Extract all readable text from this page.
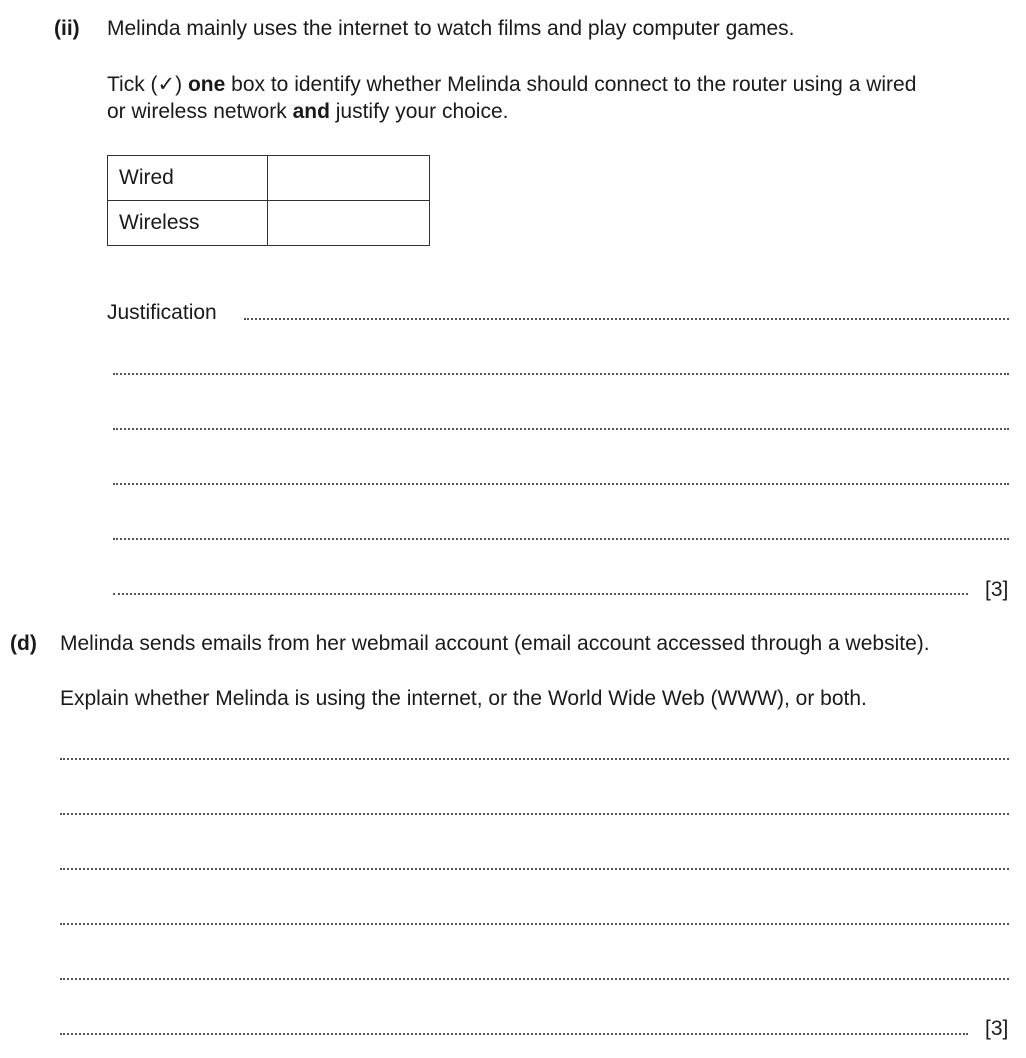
(ii) Melinda mainly uses the internet to watch films and play computer games.
Tick (✓) one box to identify whether Melinda should connect to the router using a wired
or wireless network and justify your choice.
Wired	
Wireless	
Justification
[3]
(d) Melinda sends emails from her webmail account (email account accessed through a website).
Explain whether Melinda is using the internet, or the World Wide Web (WWW), or both.
[3]
